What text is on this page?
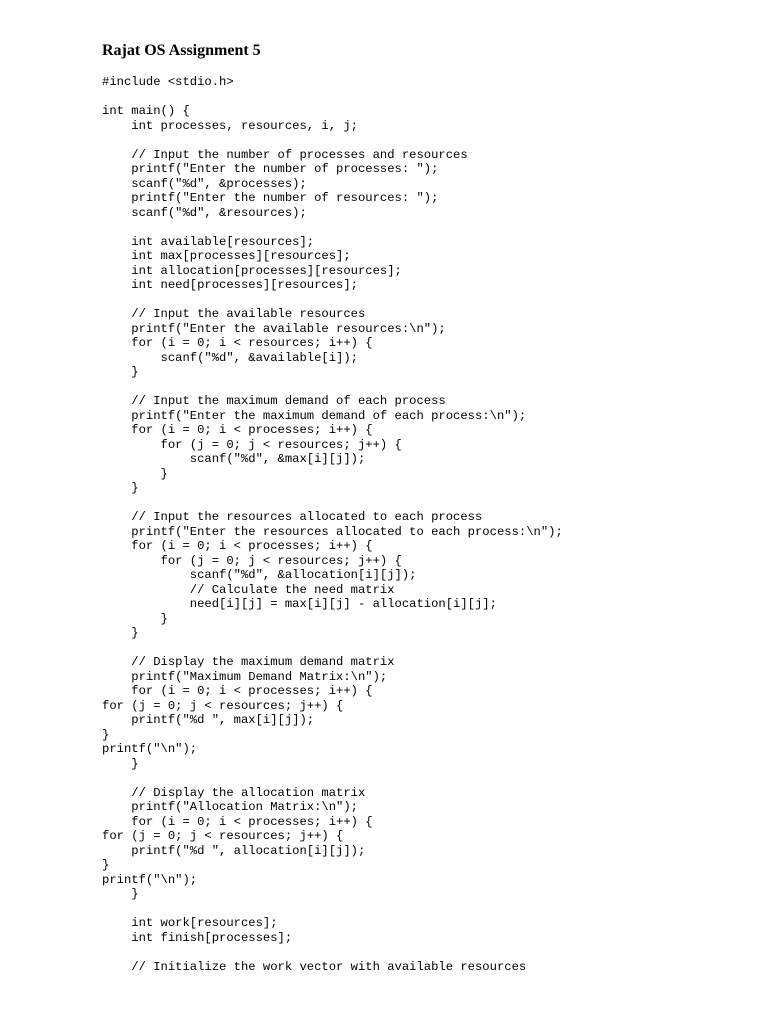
Rajat OS Assignment 5
#include <stdio.h>
int main() {
int processes, resources, i, j;
// Input the number of processes and resources
printf("Enter the number of processes: ");
scanf("%d", &processes);
printf("Enter the number of resources: ");
scanf("%d", &resources);
int available[resources];
int max[processes][resources];
int allocation[processes][resources];
int need[processes][resources];
// Input the available resources
printf("Enter the available resources:\n");
for (i = 0; i < resources; i++) {
scanf("%d", &available[i]);
}
// Input the maximum demand of each process
printf("Enter the maximum demand of each process:\n");
for (i = 0; i < processes; i++) {
for (j = 0; j < resources; j++) {
scanf("%d", &max[i][j]);
}
}
// Input the resources allocated to each process
printf("Enter the resources allocated to each process:\n");
for (i = 0; i < processes; i++) {
for (j = 0; j < resources; j++) {
scanf("%d", &allocation[i][j]);
// Calculate the need matrix
need[i][j] = max[i][j] - allocation[i][j];
}
}
// Display the maximum demand matrix
printf("Maximum Demand Matrix:\n");
for (i = 0; i < processes; i++) {
for (j = 0; j < resources; j++) {
printf("%d ", max[i][j]);
}
printf("\n");
}
// Display the allocation matrix
printf("Allocation Matrix:\n");
for (i = 0; i < processes; i++) {
for (j = 0; j < resources; j++) {
printf("%d ", allocation[i][j]);
}
printf("\n");
}
int work[resources];
int finish[processes];
// Initialize the work vector with available resources
